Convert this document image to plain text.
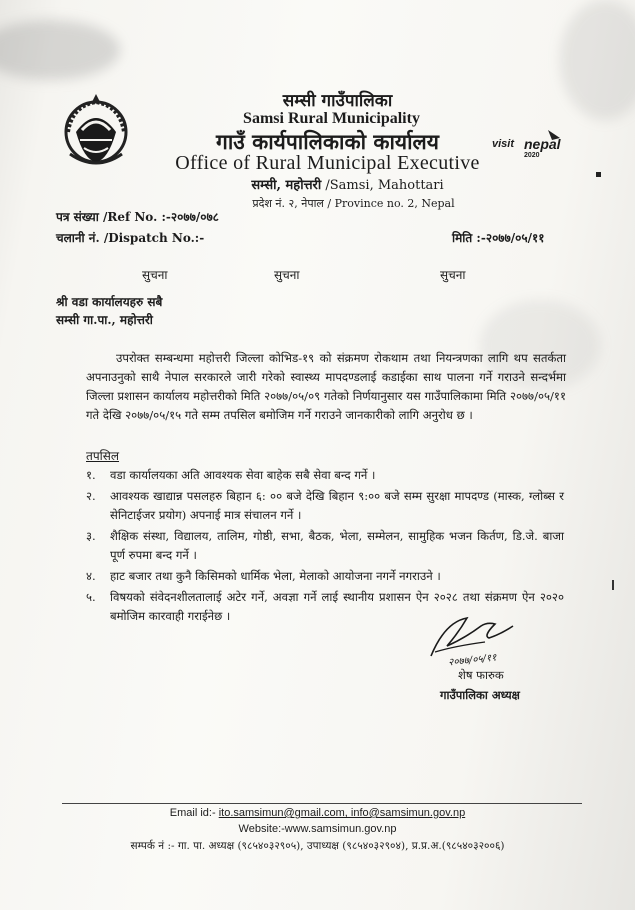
सम्सी गाउँपालिका
Samsi Rural Municipality
गाउँ कार्यपालिकाको कार्यालय
Office of Rural Municipal Executive
सम्सी, महोत्तरी /Samsi, Mahottari
प्रदेश नं. २, नेपाल / Province no. 2, Nepal
visit nepal
2020
पत्र संख्या /Ref No. :-२०७७/०७८
चलानी नं. /Dispatch No.:-	मिति :-२०७७/०५/११
सुचना	सुचना	सुचना
श्री वडा कार्यालयहरु सबै
सम्सी गा.पा., महोत्तरी
उपरोक्त सम्बन्धमा महोत्तरी जिल्ला कोभिड-१९ को संक्रमण रोकथाम तथा नियन्त्रणका लागि थप सतर्कता अपनाउनुको साथै नेपाल सरकारले जारी गरेको स्वास्थ्य मापदण्डलाई कडाईका साथ पालना गर्ने गराउने सन्दर्भमा जिल्ला प्रशासन कार्यालय महोत्तरीको मिति २०७७/०५/०९ गतेको निर्णयानुसार यस गाउँपालिकामा मिति २०७७/०५/११ गते देखि २०७७/०५/१५ गते सम्म तपसिल बमोजिम गर्ने गराउने जानकारीको लागि अनुरोध छ ।
तपसिल
१. वडा कार्यालयका अति आवश्यक सेवा बाहेक सबै सेवा बन्द गर्ने ।
२. आवश्यक खाद्यान्न पसलहरु बिहान ६: ०० बजे देखि बिहान ९:०० बजे सम्म सुरक्षा मापदण्ड (मास्क, ग्लोब्स र सेनिटाईजर प्रयोग) अपनाई मात्र संचालन गर्ने ।
३. शैक्षिक संस्था, विद्यालय, तालिम, गोष्ठी, सभा, बैठक, भेला, सम्मेलन, सामुहिक भजन किर्तण, डि.जे. बाजा पूर्ण रुपमा बन्द गर्ने ।
४. हाट बजार तथा कुनै किसिमको धार्मिक भेला, मेलाको आयोजना नगर्ने नगराउने ।
५. विषयको संवेदनशीलतालाई अटेर गर्ने, अवज्ञा गर्ने लाई स्थानीय प्रशासन ऐन २०२८ तथा संक्रमण ऐन २०२० बमोजिम कारवाही गराईनेछ ।
२०७७/०५/११
शेष फारुक
गाउँपालिका अध्यक्ष
Email id:- ito.samsimun@gmail.com, info@samsimun.gov.np
Website:-www.samsimun.gov.np
सम्पर्क नं :- गा. पा. अध्यक्ष (९८५४०३२९०५), उपाध्यक्ष (९८५४०३२९०४), प्र.प्र.अ.(९८५४०३२००६)
